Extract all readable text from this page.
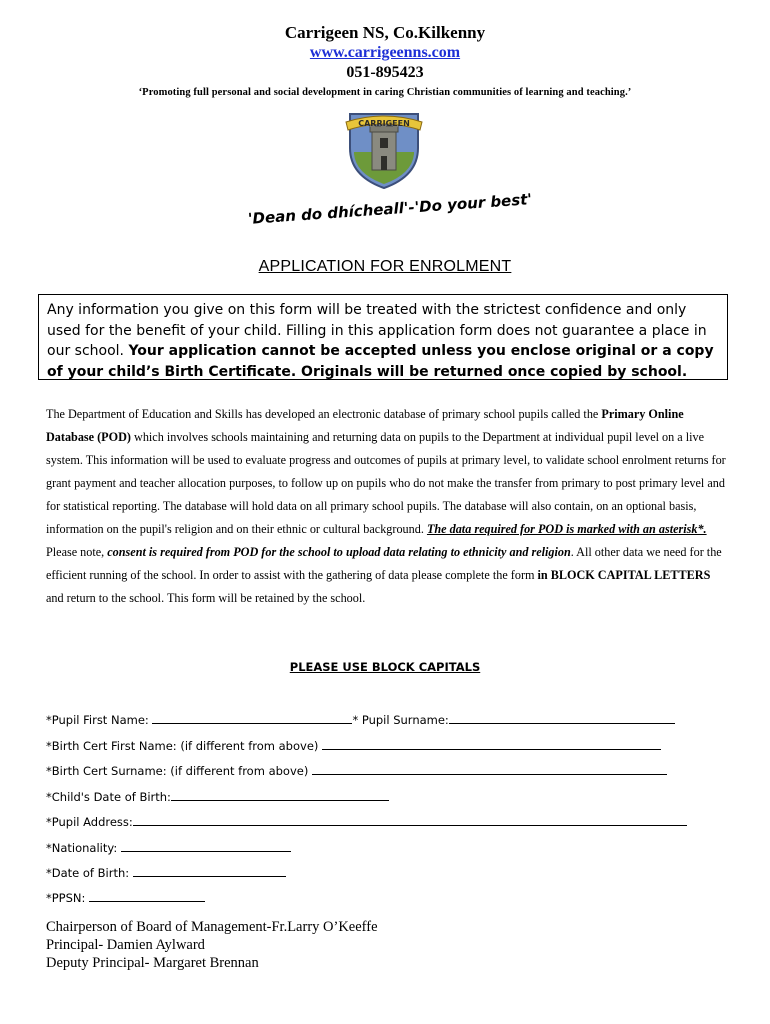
Carrigeen NS, Co.Kilkenny
www.carrigeenns.com
051-895423
‘Promoting full personal and social development in caring Christian communities of learning and teaching.’
CARRIGEEN
'Dean do dhícheall'-'Do your best'
APPLICATION FOR ENROLMENT
Any information you give on this form will be treated with the strictest confidence and only used for the benefit of your child. Filling in this application form does not guarantee a place in our school. Your application cannot be accepted unless you enclose original or a copy of your child’s Birth Certificate. Originals will be returned once copied by school.
The Department of Education and Skills has developed an electronic database of primary school pupils called the Primary Online Database (POD) which involves schools maintaining and returning data on pupils to the Department at individual pupil level on a live system. This information will be used to evaluate progress and outcomes of pupils at primary level, to validate school enrolment returns for grant payment and teacher allocation purposes, to follow up on pupils who do not make the transfer from primary to post primary level and for statistical reporting. The database will hold data on all primary school pupils. The database will also contain, on an optional basis, information on the pupil's religion and on their ethnic or cultural background. The data required for POD is marked with an asterisk*. Please note, consent is required from POD for the school to upload data relating to ethnicity and religion. All other data we need for the efficient running of the school. In order to assist with the gathering of data please complete the form in BLOCK CAPITAL LETTERS and return to the school. This form will be retained by the school.
PLEASE USE BLOCK CAPITALS
*Pupil First Name:	* Pupil Surname:
*Birth Cert First Name: (if different from above)
*Birth Cert Surname: (if different from above)
*Child's Date of Birth:
*Pupil Address:
*Nationality:
*Date of Birth:
*PPSN:
Chairperson of Board of Management-Fr.Larry O’Keeffe
Principal- Damien Aylward
Deputy Principal- Margaret Brennan
